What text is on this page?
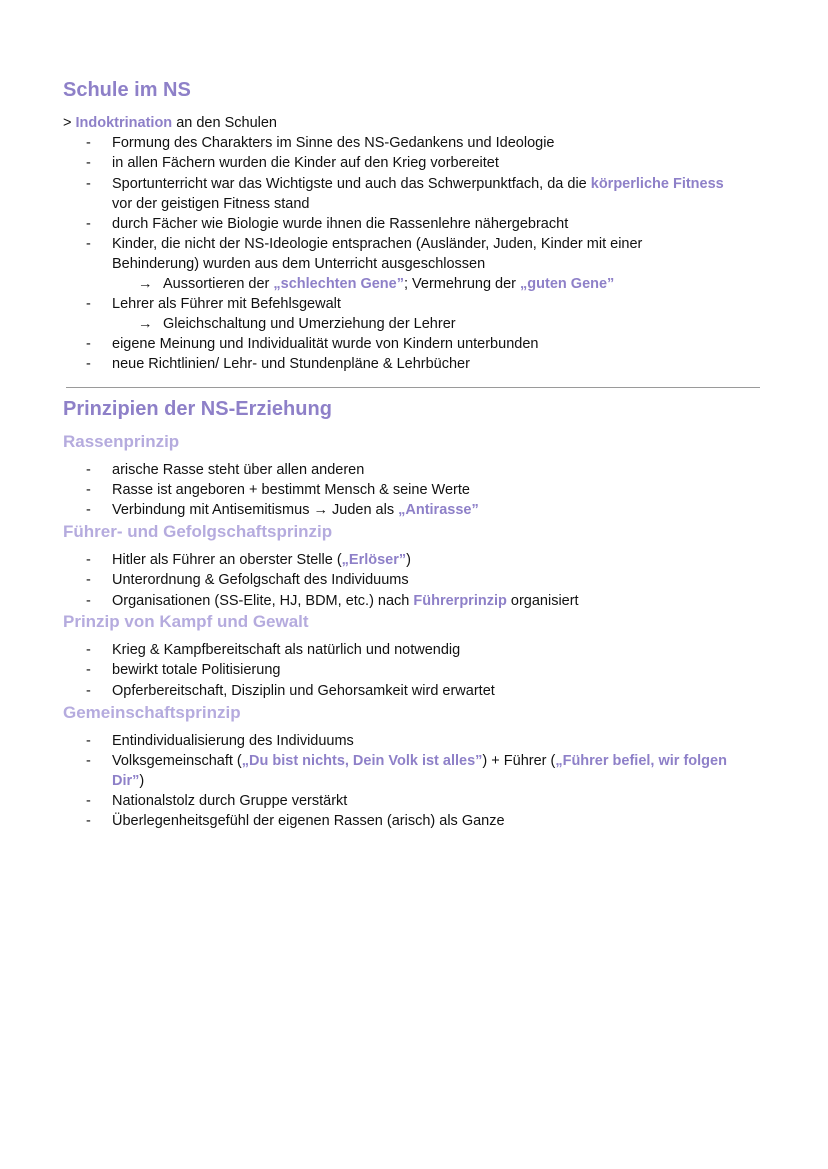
Schule im NS
> Indoktrination an den Schulen
- Formung des Charakters im Sinne des NS-Gedankens und Ideologie
- in allen Fächern wurden die Kinder auf den Krieg vorbereitet
- Sportunterricht war das Wichtigste und auch das Schwerpunktfach, da die körperliche Fitness
vor der geistigen Fitness stand
- durch Fächer wie Biologie wurde ihnen die Rassenlehre nähergebracht
- Kinder, die nicht der NS-Ideologie entsprachen (Ausländer, Juden, Kinder mit einer
Behinderung) wurden aus dem Unterricht ausgeschlossen
→ Aussortieren der „schlechten Gene”; Vermehrung der „guten Gene”
- Lehrer als Führer mit Befehlsgewalt
→ Gleichschaltung und Umerziehung der Lehrer
- eigene Meinung und Individualität wurde von Kindern unterbunden
- neue Richtlinien/ Lehr- und Stundenpläne & Lehrbücher
Prinzipien der NS-Erziehung
Rassenprinzip
- arische Rasse steht über allen anderen
- Rasse ist angeboren + bestimmt Mensch & seine Werte
- Verbindung mit Antisemitismus → Juden als „Antirasse”
Führer- und Gefolgschaftsprinzip
- Hitler als Führer an oberster Stelle („Erlöser”)
- Unterordnung & Gefolgschaft des Individuums
- Organisationen (SS-Elite, HJ, BDM, etc.) nach Führerprinzip organisiert
Prinzip von Kampf und Gewalt
- Krieg & Kampfbereitschaft als natürlich und notwendig
- bewirkt totale Politisierung
- Opferbereitschaft, Disziplin und Gehorsamkeit wird erwartet
Gemeinschaftsprinzip
- Entindividualisierung des Individuums
- Volksgemeinschaft („Du bist nichts, Dein Volk ist alles”) + Führer („Führer befiel, wir folgen
Dir”)
- Nationalstolz durch Gruppe verstärkt
- Überlegenheitsgefühl der eigenen Rassen (arisch) als Ganze
